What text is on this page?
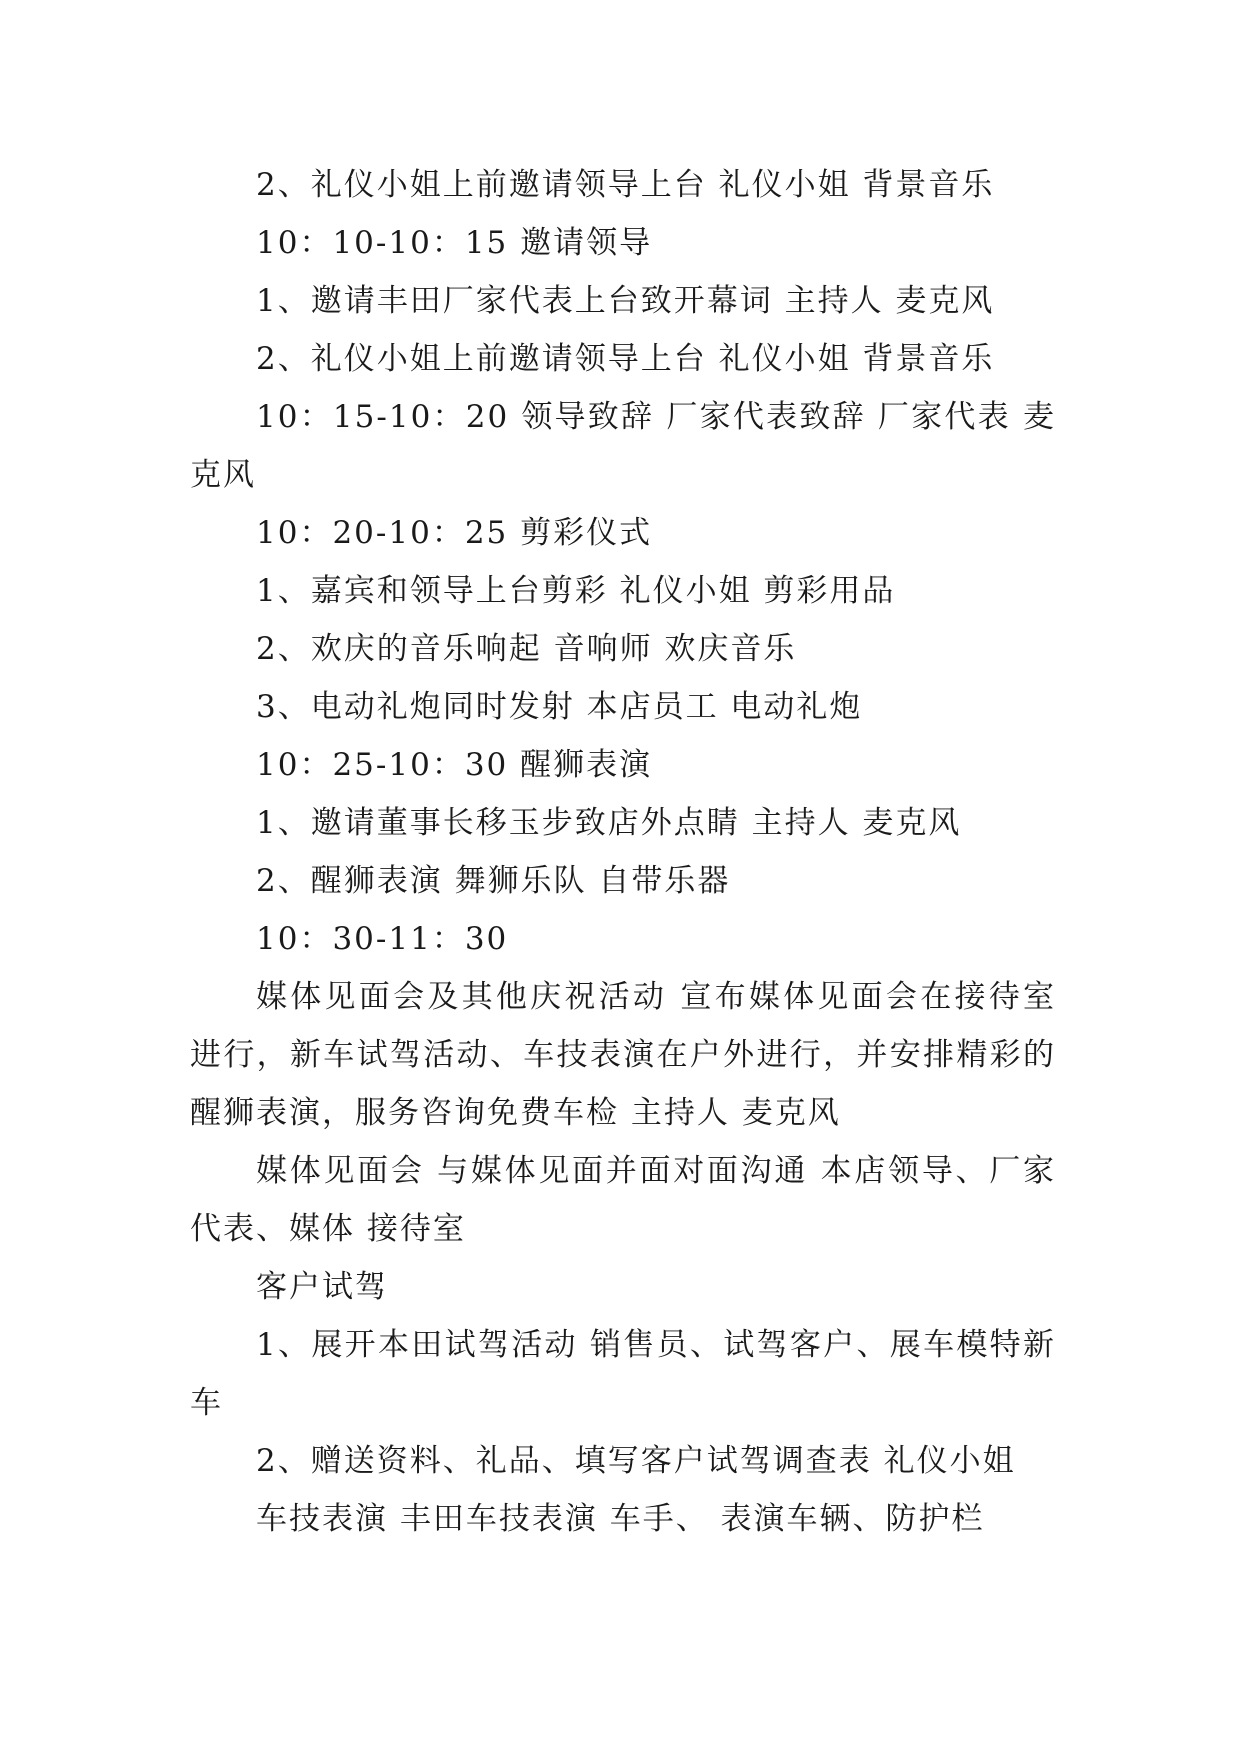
2、礼仪小姐上前邀请领导上台 礼仪小姐 背景音乐

10：10-10：15 邀请领导

1、邀请丰田厂家代表上台致开幕词 主持人 麦克风

2、礼仪小姐上前邀请领导上台 礼仪小姐 背景音乐

10：15-10：20 领导致辞 厂家代表致辞 厂家代表 麦克风

10：20-10：25 剪彩仪式

1、嘉宾和领导上台剪彩 礼仪小姐 剪彩用品

2、欢庆的音乐响起 音响师 欢庆音乐

3、电动礼炮同时发射 本店员工 电动礼炮

10：25-10：30 醒狮表演

1、邀请董事长移玉步致店外点睛 主持人 麦克风

2、醒狮表演 舞狮乐队 自带乐器

10：30-11：30

媒体见面会及其他庆祝活动 宣布媒体见面会在接待室进行，新车试驾活动、车技表演在户外进行，并安排精彩的醒狮表演，服务咨询免费车检 主持人 麦克风

媒体见面会 与媒体见面并面对面沟通 本店领导、厂家代表、媒体 接待室

客户试驾

1、展开本田试驾活动 销售员、试驾客户、展车模特新车

2、赠送资料、礼品、填写客户试驾调查表 礼仪小姐

车技表演 丰田车技表演 车手、 表演车辆、防护栏
